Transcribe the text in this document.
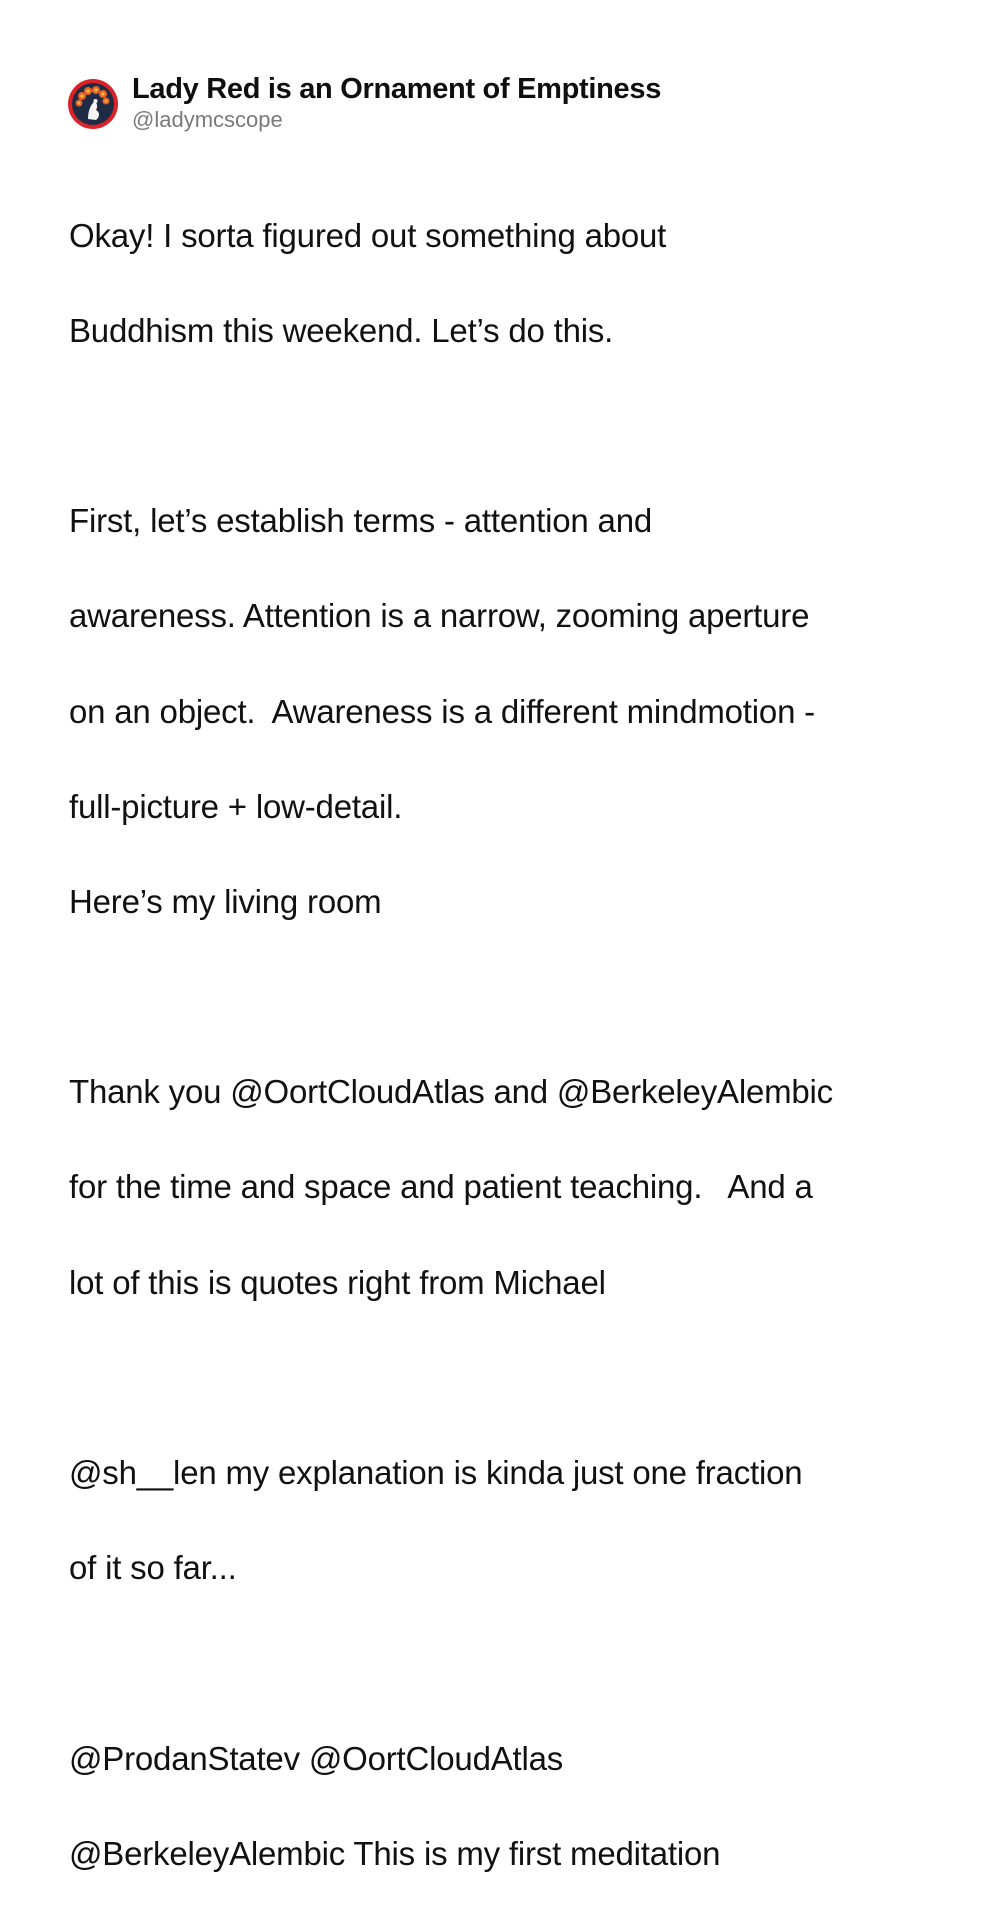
Lady Red is an Ornament of Emptiness
@ladymcscope

Okay! I sorta figured out something about

Buddhism this weekend. Let’s do this.

First, let’s establish terms - attention and

awareness. Attention is a narrow, zooming aperture

on an object.  Awareness is a different mindmotion -

full-picture + low-detail.

Here’s my living room

Thank you @OortCloudAtlas and @BerkeleyAlembic

for the time and space and patient teaching.   And a

lot of this is quotes right from Michael

@sh__len my explanation is kinda just one fraction

of it so far...

@ProdanStatev @OortCloudAtlas

@BerkeleyAlembic This is my first meditation
